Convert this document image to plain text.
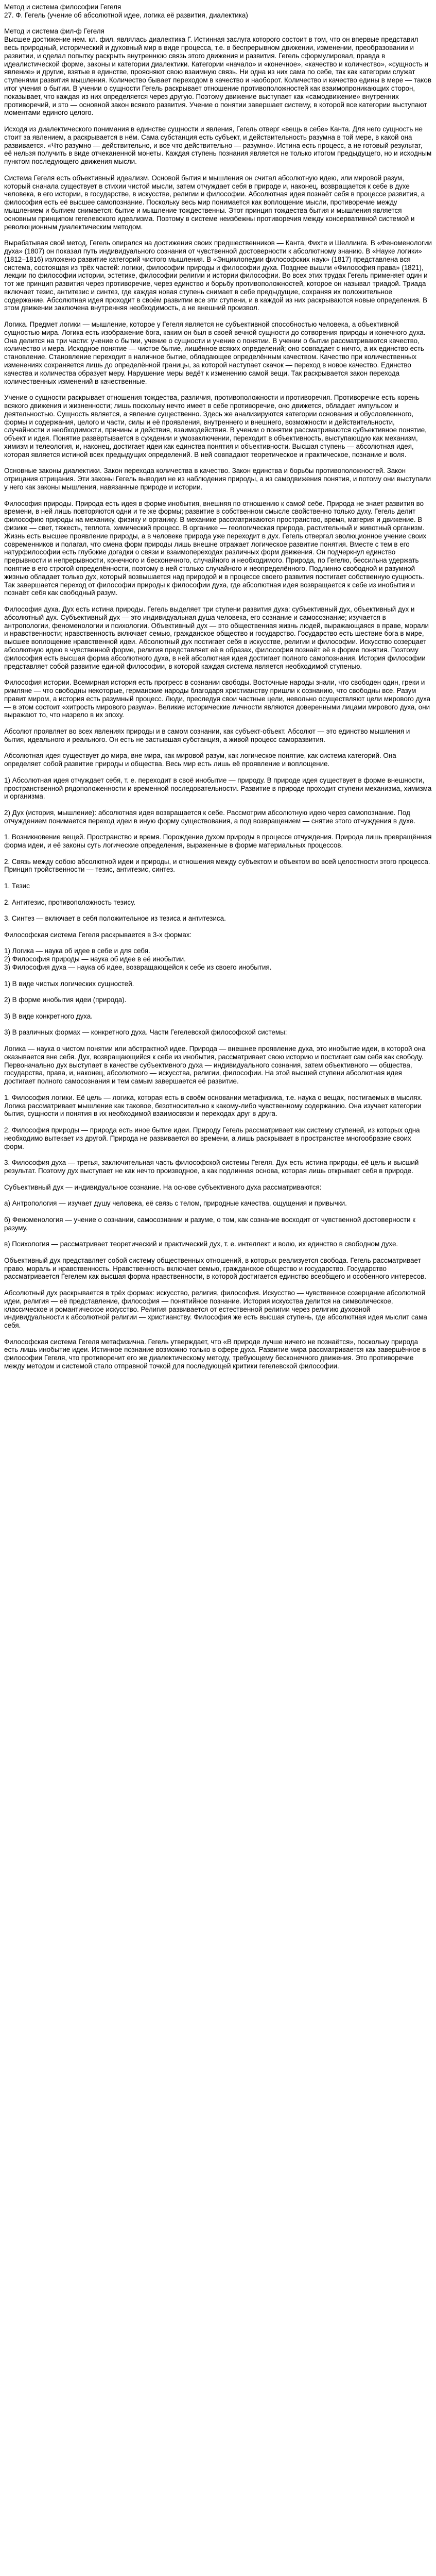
Метод и система философии Гегеля

27. Ф. Гегель (учение об абсолютной идее, логика её развития, диалектика)

Метод и система фил-ф Гегеля

Высшее достижение нем. кл. фил. являлась диалектика Г. Истинная заслуга которого состоит в том, что он впервые представил весь природный, исторический и духовный мир в виде процесса, т.е. в беспрерывном движении, изменении, преобразовании и развитии, и сделал попытку раскрыть внутреннюю связь этого движения и развития. Гегель сформулировал, правда в идеалистической форме, законы и категории диалектики. Категории «начало» и «конечное», «качество и количество», «сущность и явление» и другие, взятые в единстве, проясняют свою взаимную связь. Ни одна из них сама по себе, так как категории служат ступенями развития мышления. Количество бывает переходом в качество и наоборот. Количество и качество едины в мере — таков итог учения о бытии. В учении о сущности Гегель раскрывает отношение противоположностей как взаимопроникающих сторон, показывает, что каждая из них определяется через другую. Поэтому движение выступает как «самодвижение» внутренних противоречий, и это — основной закон всякого развития. Учение о понятии завершает систему, в которой все категории выступают моментами единого целого.

Исходя из диалектического понимания в единстве сущности и явления, Гегель отверг «вещь в себе» Канта. Для него сущность не стоит за явлением, а раскрывается в нём. Сама субстанция есть субъект, и действительность разумна в той мере, в какой она развивается. «Что разумно — действительно, и все что действительно — разумно». Истина есть процесс, а не готовый результат, её нельзя получить в виде отчеканенной монеты. Каждая ступень познания является не только итогом предыдущего, но и исходным пунктом последующего движения мысли.

Система Гегеля есть объективный идеализм. Основой бытия и мышления он считал абсолютную идею, или мировой разум, который сначала существует в стихии чистой мысли, затем отчуждает себя в природе и, наконец, возвращается к себе в духе человека, в его истории, в государстве, в искусстве, религии и философии. Абсолютная идея познаёт себя в процессе развития, а философия есть её высшее самопознание. Поскольку весь мир понимается как воплощение мысли, противоречие между мышлением и бытием снимается: бытие и мышление тождественны. Этот принцип тождества бытия и мышления является основным принципом гегелевского идеализма. Поэтому в системе неизбежны противоречия между консервативной системой и революционным диалектическим методом.

Вырабатывая свой метод, Гегель опирался на достижения своих предшественников — Канта, Фихте и Шеллинга. В «Феноменологии духа» (1807) он показал путь индивидуального сознания от чувственной достоверности к абсолютному знанию. В «Науке логики» (1812–1816) изложено развитие категорий чистого мышления. В «Энциклопедии философских наук» (1817) представлена вся система, состоящая из трёх частей: логики, философии природы и философии духа. Позднее вышли «Философия права» (1821), лекции по философии истории, эстетике, философии религии и истории философии. Во всех этих трудах Гегель применяет один и тот же принцип развития через противоречие, через единство и борьбу противоположностей, которое он называл триадой. Триада включает тезис, антитезис и синтез, где каждая новая ступень снимает в себе предыдущие, сохраняя их положительное содержание. Абсолютная идея проходит в своём развитии все эти ступени, и в каждой из них раскрываются новые определения. В этом движении заключена внутренняя необходимость, а не внешний произвол.

Логика. Предмет логики — мышление, которое у Гегеля является не субъективной способностью человека, а объективной сущностью мира. Логика есть изображение бога, каким он был в своей вечной сущности до сотворения природы и конечного духа. Она делится на три части: учение о бытии, учение о сущности и учение о понятии. В учении о бытии рассматриваются качество, количество и мера. Исходное понятие — чистое бытие, лишённое всяких определений; оно совпадает с ничто, а их единство есть становление. Становление переходит в наличное бытие, обладающее определённым качеством. Качество при количественных изменениях сохраняется лишь до определённой границы, за которой наступает скачок — переход в новое качество. Единство качества и количества образует меру. Нарушение меры ведёт к изменению самой вещи. Так раскрывается закон перехода количественных изменений в качественные.

Учение о сущности раскрывает отношения тождества, различия, противоположности и противоречия. Противоречие есть корень всякого движения и жизненности; лишь поскольку нечто имеет в себе противоречие, оно движется, обладает импульсом и деятельностью. Сущность является, а явление существенно. Здесь же анализируются категории основания и обусловленного, формы и содержания, целого и части, силы и её проявления, внутреннего и внешнего, возможности и действительности, случайности и необходимости, причины и действия, взаимодействия. В учении о понятии рассматриваются субъективное понятие, объект и идея. Понятие развёртывается в суждении и умозаключении, переходит в объективность, выступающую как механизм, химизм и телеология, и, наконец, достигает идеи как единства понятия и объективности. Высшая ступень — абсолютная идея, которая является истиной всех предыдущих определений. В ней совпадают теоретическое и практическое, познание и воля.

Основные законы диалектики. Закон перехода количества в качество. Закон единства и борьбы противоположностей. Закон отрицания отрицания. Эти законы Гегель выводил не из наблюдения природы, а из самодвижения понятия, и потому они выступали у него как законы мышления, навязанные природе и истории.

Философия природы. Природа есть идея в форме инобытия, внешняя по отношению к самой себе. Природа не знает развития во времени, в ней лишь повторяются одни и те же формы; развитие в собственном смысле свойственно только духу. Гегель делит философию природы на механику, физику и органику. В механике рассматриваются пространство, время, материя и движение. В физике — свет, тяжесть, теплота, химический процесс. В органике — геологическая природа, растительный и животный организм. Жизнь есть высшее проявление природы, а в человеке природа уже переходит в дух. Гегель отвергал эволюционное учение своих современников и полагал, что смена форм природы лишь внешне отражает логическое развитие понятия. Вместе с тем в его натурфилософии есть глубокие догадки о связи и взаимопереходах различных форм движения. Он подчеркнул единство прерывности и непрерывности, конечного и бесконечного, случайного и необходимого. Природа, по Гегелю, бессильна удержать понятие в его строгой определённости, поэтому в ней столько случайного и неопределённого. Подлинно свободной и разумной жизнью обладает только дух, который возвышается над природой и в процессе своего развития постигает собственную сущность. Так завершается переход от философии природы к философии духа, где абсолютная идея возвращается к себе из инобытия и познаёт себя как свободный разум.

Философия духа. Дух есть истина природы. Гегель выделяет три ступени развития духа: субъективный дух, объективный дух и абсолютный дух. Субъективный дух — это индивидуальная душа человека, его сознание и самосознание; изучается в антропологии, феноменологии и психологии. Объективный дух — это общественная жизнь людей, выражающаяся в праве, морали и нравственности; нравственность включает семью, гражданское общество и государство. Государство есть шествие бога в мире, высшее воплощение нравственной идеи. Абсолютный дух постигает себя в искусстве, религии и философии. Искусство созерцает абсолютную идею в чувственной форме, религия представляет её в образах, философия познаёт её в форме понятия. Поэтому философия есть высшая форма абсолютного духа, в ней абсолютная идея достигает полного самопознания. История философии представляет собой развитие единой философии, в которой каждая система является необходимой ступенью.

Философия истории. Всемирная история есть прогресс в сознании свободы. Восточные народы знали, что свободен один, греки и римляне — что свободны некоторые, германские народы благодаря христианству пришли к сознанию, что свободны все. Разум правит миром, а история есть разумный процесс. Люди, преследуя свои частные цели, невольно осуществляют цели мирового духа — в этом состоит «хитрость мирового разума». Великие исторические личности являются доверенными лицами мирового духа, они выражают то, что назрело в их эпоху.

Абсолют проявляет во всех явлениях природы и в самом сознании, как субъект-объект. Абсолют — это единство мышления и бытия, идеального и реального. Он есть не застывшая субстанция, а живой процесс саморазвития.

Абсолютная идея существует до мира, вне мира, как мировой разум, как логическое понятие, как система категорий. Она определяет собой развитие природы и общества. Весь мир есть лишь её проявление и воплощение.

1) Абсолютная идея отчуждает себя, т. е. переходит в своё инобытие — природу. В природе идея существует в форме внешности, пространственной рядоположенности и временной последовательности. Развитие в природе проходит ступени механизма, химизма и организма.

2) Дух (история, мышление): абсолютная идея возвращается к себе. Рассмотрим абсолютную идею через самопознание. Под отчуждением понимается переход идеи в иную форму существования, а под возвращением — снятие этого отчуждения в духе.

1. Возникновение вещей. Пространство и время. Порождение духом природы в процессе отчуждения. Природа лишь превращённая форма идеи, и её законы суть логические определения, выраженные в форме материальных процессов.

2. Связь между собою абсолютной идеи и природы, и отношения между субъектом и объектом во всей целостности этого процесса. Принцип тройственности — тезис, антитезис, синтез.

1. Тезис

2. Антитезис, противоположность тезису.

3. Синтез — включает в себя положительное из тезиса и антитезиса.

Философская система Гегеля раскрывается в 3-х формах:

1) Логика — наука об идее в себе и для себя.
2) Философия природы — наука об идее в её инобытии.
3) Философия духа — наука об идее, возвращающейся к себе из своего инобытия.

1) В виде чистых логических сущностей.

2) В форме инобытия идеи (природа).

3) В виде конкретного духа.

3) В различных формах — конкретного духа. Части Гегелевской философской системы:

Логика — наука о чистом понятии или абстрактной идее. Природа — внешнее проявление духа, это инобытие идеи, в которой она оказывается вне себя. Дух, возвращающийся к себе из инобытия, рассматривает свою историю и постигает сам себя как свободу. Первоначально дух выступает в качестве субъективного духа — индивидуального сознания, затем объективного — общества, государства, права, и, наконец, абсолютного — искусства, религии, философии. На этой высшей ступени абсолютная идея достигает полного самосознания и тем самым завершается её развитие.

1. Философия логики. Её цель — логика, которая есть в своём основании метафизика, т.е. наука о вещах, постигаемых в мыслях. Логика рассматривает мышление как таковое, безотносительно к какому-либо чувственному содержанию. Она изучает категории бытия, сущности и понятия в их необходимой взаимосвязи и переходах друг в друга.

2. Философия природы — природа есть иное бытие идеи. Природу Гегель рассматривает как систему ступеней, из которых одна необходимо вытекает из другой. Природа не развивается во времени, а лишь раскрывает в пространстве многообразие своих форм.

3. Философия духа — третья, заключительная часть философской системы Гегеля. Дух есть истина природы, её цель и высший результат. Поэтому дух выступает не как нечто производное, а как подлинная основа, которая лишь открывает себя в природе.

Субъективный дух — индивидуальное сознание. На основе субъективного духа рассматриваются:

а) Антропология — изучает душу человека, её связь с телом, природные качества, ощущения и привычки.

б) Феноменология — учение о сознании, самосознании и разуме, о том, как сознание восходит от чувственной достоверности к разуму.

в) Психология — рассматривает теоретический и практический дух, т. е. интеллект и волю, их единство в свободном духе.

Объективный дух представляет собой систему общественных отношений, в которых реализуется свобода. Гегель рассматривает право, мораль и нравственность. Нравственность включает семью, гражданское общество и государство. Государство рассматривается Гегелем как высшая форма нравственности, в которой достигается единство всеобщего и особенного интересов.

Абсолютный дух раскрывается в трёх формах: искусство, религия, философия. Искусство — чувственное созерцание абсолютной идеи, религия — её представление, философия — понятийное познание. История искусства делится на символическое, классическое и романтическое искусство. Религия развивается от естественной религии через религию духовной индивидуальности к абсолютной религии — христианству. Философия же есть высшая ступень, где абсолютная идея мыслит сама себя.

Философская система Гегеля метафизична. Гегель утверждает, что «В природе лучше ничего не познаётся», поскольку природа есть лишь инобытие идеи. Истинное познание возможно только в сфере духа. Развитие мира рассматривается как завершённое в философии Гегеля, что противоречит его же диалектическому методу, требующему бесконечного движения. Это противоречие между методом и системой стало отправной точкой для последующей критики гегелевской философии.
